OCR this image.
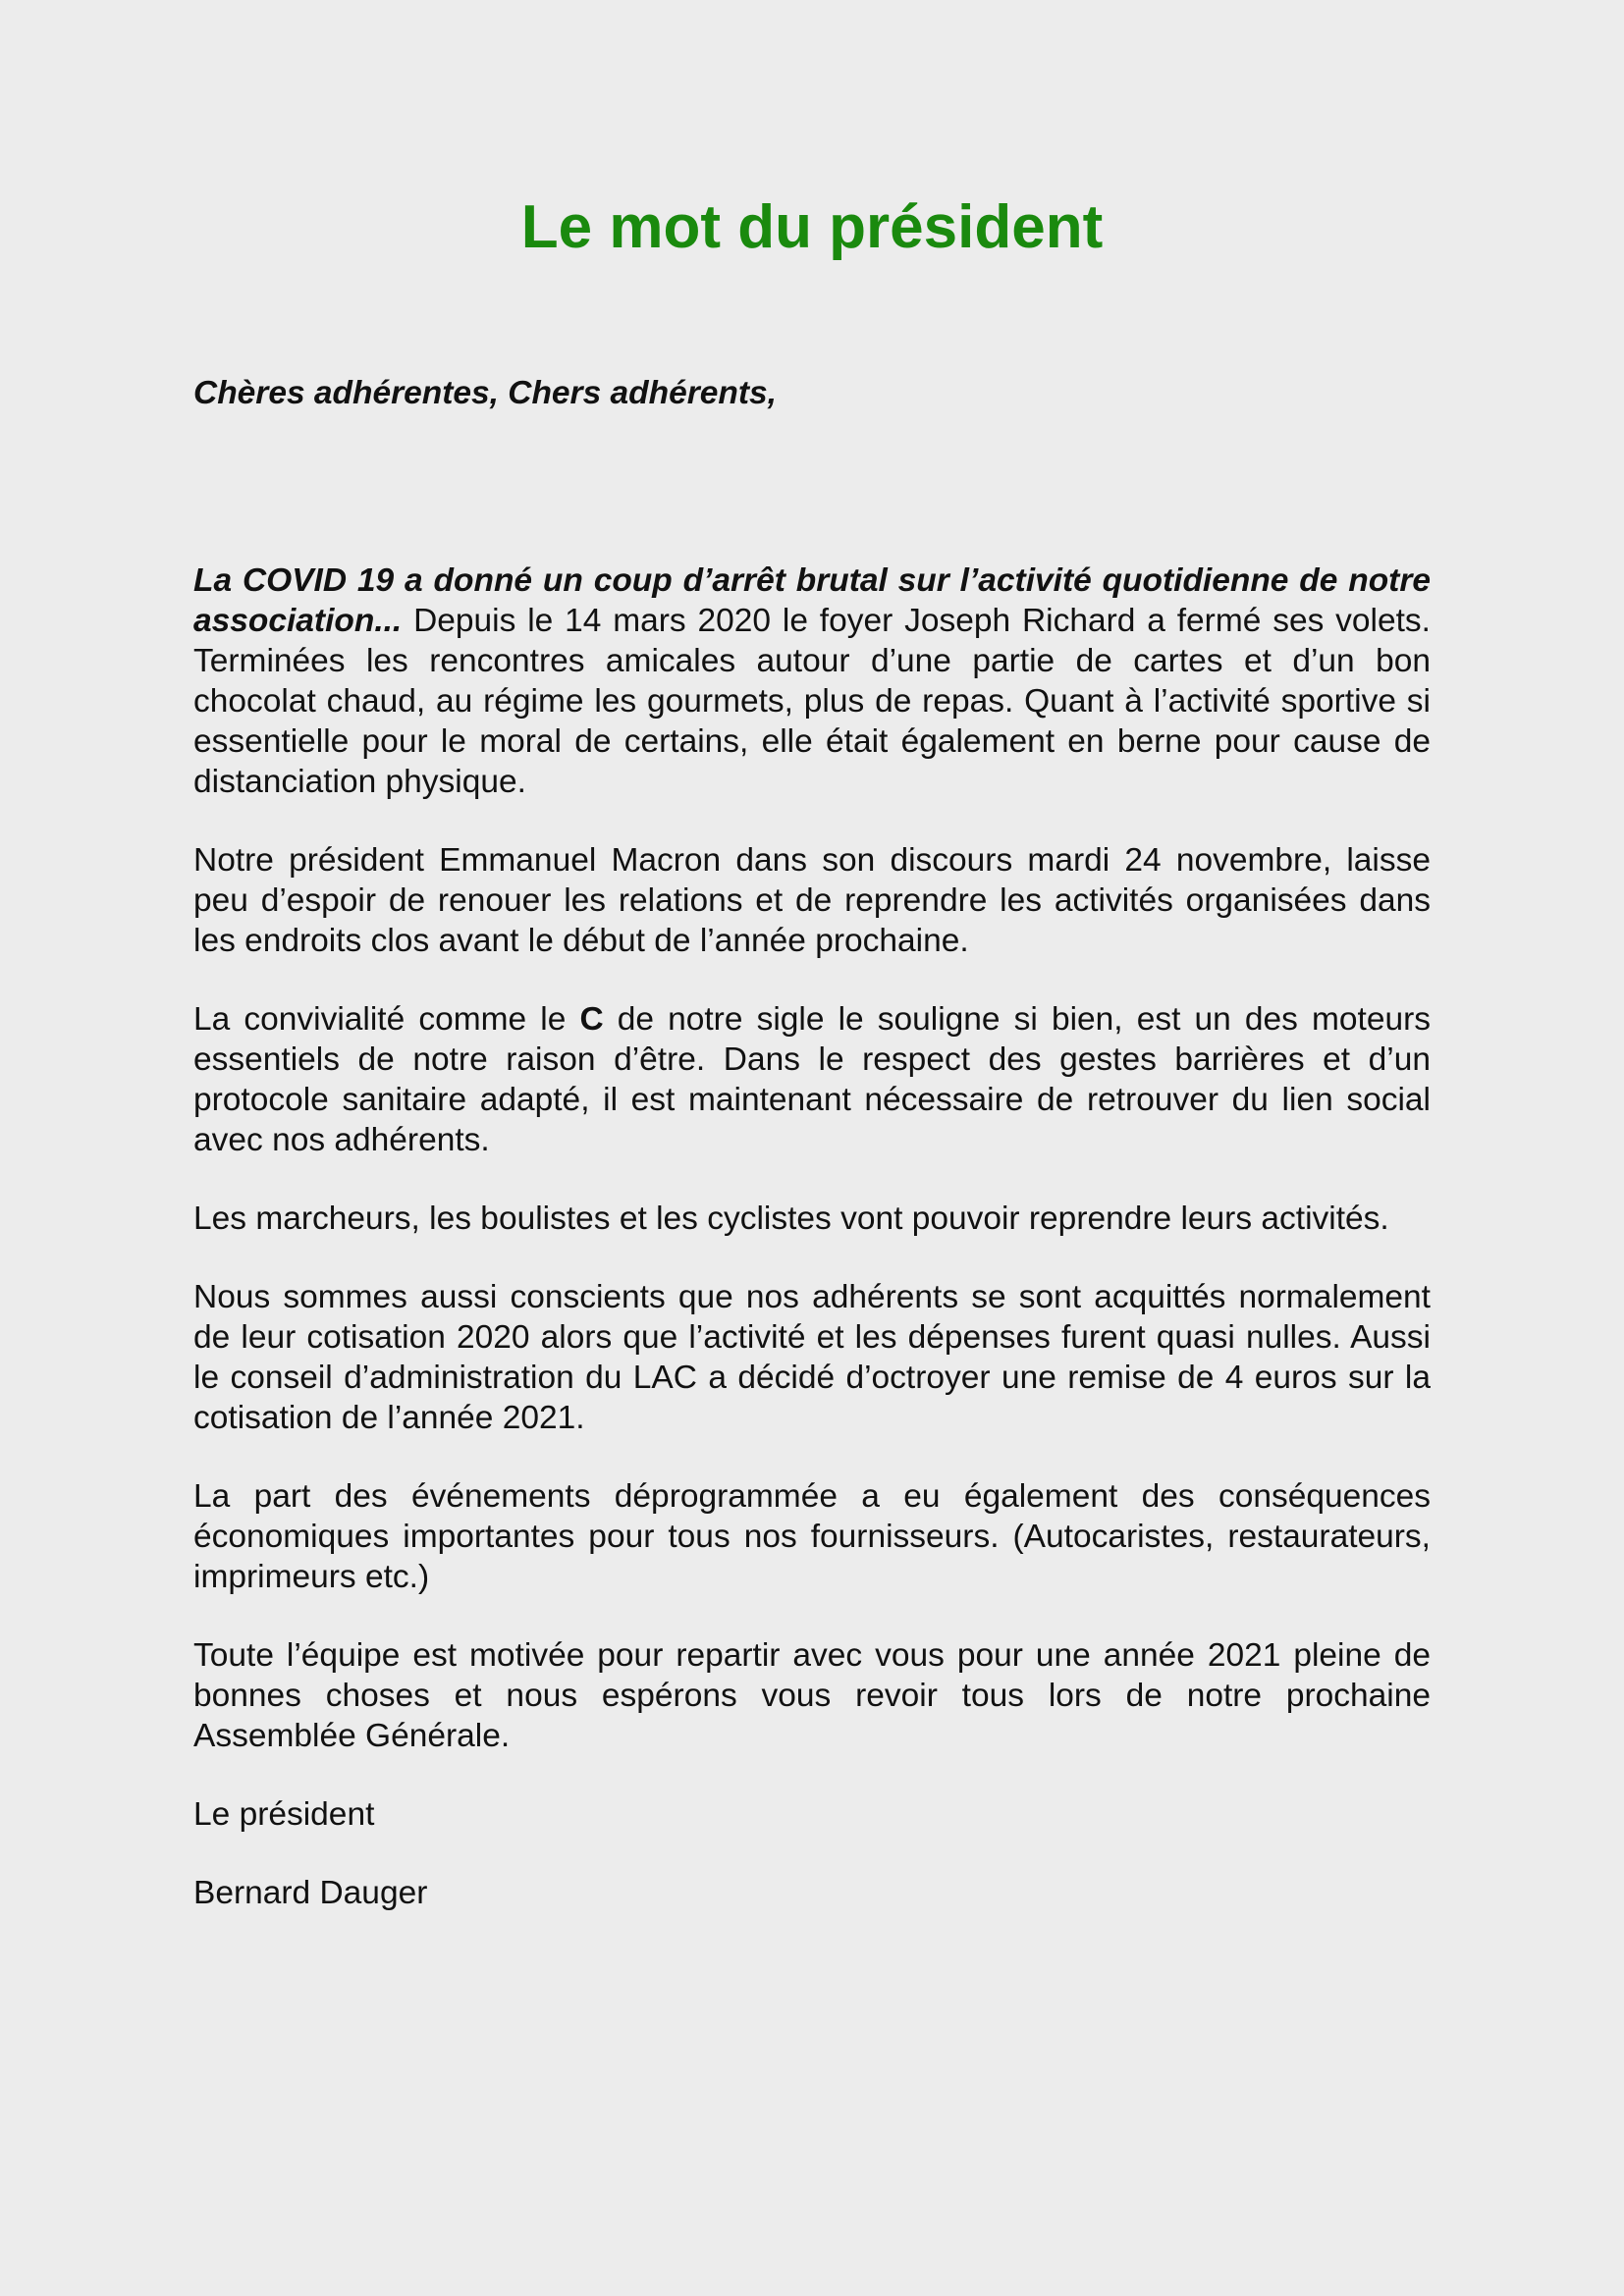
Le mot du président

Chères adhérentes, Chers adhérents,

La COVID 19 a donné un coup d’arrêt brutal sur l’activité quotidienne de notre association... Depuis le 14 mars 2020 le foyer Joseph Richard a fermé ses volets. Terminées les rencontres amicales autour d’une partie de cartes et d’un bon chocolat chaud, au régime les gourmets, plus de repas. Quant à l’activité sportive si essentielle pour le moral de certains, elle était également en berne pour cause de distanciation physique.

Notre président Emmanuel Macron dans son discours mardi 24 novembre, laisse peu d’espoir de renouer les relations et de reprendre les activités organisées dans les endroits clos avant le début de l’année prochaine.

La convivialité comme le C de notre sigle le souligne si bien, est un des moteurs essentiels de notre raison d’être. Dans le respect des gestes barrières et d’un protocole sanitaire adapté, il est maintenant nécessaire de retrouver du lien social avec nos adhérents.

Les marcheurs, les boulistes et les cyclistes vont pouvoir reprendre leurs activités.

Nous sommes aussi conscients que nos adhérents se sont acquittés normalement de leur cotisation 2020 alors que l’activité et les dépenses furent quasi nulles. Aussi le conseil d’administration du LAC a décidé d’octroyer une remise de 4 euros sur la cotisation de l’année 2021.

La part des événements déprogrammée a eu également des conséquences économiques importantes pour tous nos fournisseurs. (Autocaristes, restaurateurs, imprimeurs etc.)

Toute l’équipe est motivée pour repartir avec vous pour une année 2021 pleine de bonnes choses et nous espérons vous revoir tous lors de notre prochaine Assemblée Générale.

Le président

Bernard Dauger
